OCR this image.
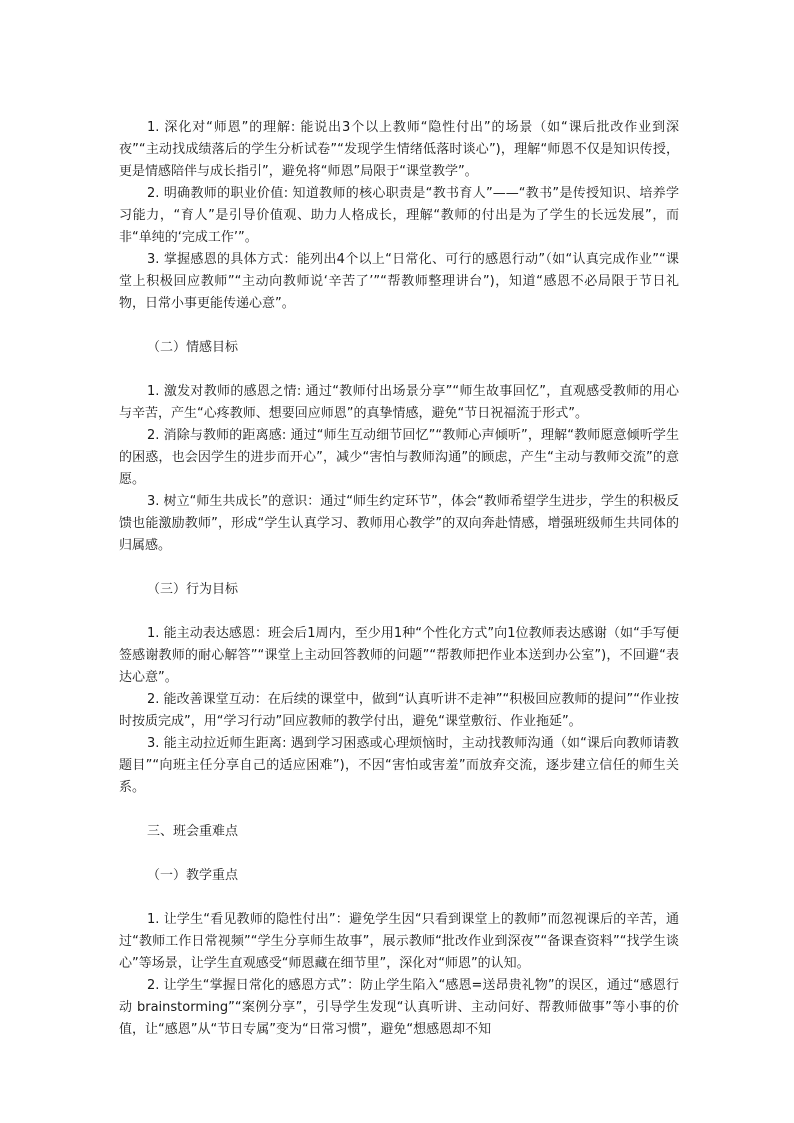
1. 深化对“师恩”的理解: 能说出3个以上教师“隐性付出”的场景（如“课后批改作业到深夜”“主动找成绩落后的学生分析试卷”“发现学生情绪低落时谈心”)，理解“师恩不仅是知识传授，更是情感陪伴与成长指引”，避免将“师恩”局限于“课堂教学”。

2. 明确教师的职业价值: 知道教师的核心职责是“教书育人”——“教书”是传授知识、培养学习能力，“育人”是引导价值观、助力人格成长，理解“教师的付出是为了学生的长远发展”，而非“单纯的‘完成工作’”。

3. 掌握感恩的具体方式：能列出4个以上“日常化、可行的感恩行动”（如“认真完成作业”“课堂上积极回应教师”“主动向教师说‘辛苦了’”“帮教师整理讲台”)，知道“感恩不必局限于节日礼物，日常小事更能传递心意”。

（二）情感目标

1. 激发对教师的感恩之情: 通过“教师付出场景分享”“师生故事回忆”，直观感受教师的用心与辛苦，产生“心疼教师、想要回应师恩”的真挚情感，避免“节日祝福流于形式”。

2. 消除与教师的距离感: 通过“师生互动细节回忆”“教师心声倾听”，理解“教师愿意倾听学生的困惑，也会因学生的进步而开心”，减少“害怕与教师沟通”的顾虑，产生“主动与教师交流”的意愿。

3. 树立“师生共成长”的意识：通过“师生约定环节”，体会“教师希望学生进步，学生的积极反馈也能激励教师”，形成“学生认真学习、教师用心教学”的双向奔赴情感，增强班级师生共同体的归属感。

（三）行为目标

1. 能主动表达感恩：班会后1周内，至少用1种“个性化方式”向1位教师表达感谢（如“手写便签感谢教师的耐心解答”“课堂上主动回答教师的问题”“帮教师把作业本送到办公室”)，不回避“表达心意”。

2. 能改善课堂互动：在后续的课堂中，做到“认真听讲不走神”“积极回应教师的提问”“作业按时按质完成”，用“学习行动”回应教师的教学付出，避免“课堂敷衍、作业拖延”。

3. 能主动拉近师生距离: 遇到学习困惑或心理烦恼时，主动找教师沟通（如“课后向教师请教题目”“向班主任分享自己的适应困难”)，不因“害怕或害羞”而放弃交流，逐步建立信任的师生关系。

三、班会重难点

（一）教学重点

1. 让学生“看见教师的隐性付出”：避免学生因“只看到课堂上的教师”而忽视课后的辛苦，通过“教师工作日常视频”“学生分享师生故事”，展示教师“批改作业到深夜”“备课查资料”“找学生谈心”等场景，让学生直观感受“师恩藏在细节里”，深化对“师恩”的认知。

2. 让学生“掌握日常化的感恩方式”：防止学生陷入“感恩=送昂贵礼物”的误区，通过“感恩行动 brainstorming”“案例分享”，引导学生发现“认真听讲、主动问好、帮教师做事”等小事的价值，让“感恩”从“节日专属”变为“日常习惯”，避免“想感恩却不知
